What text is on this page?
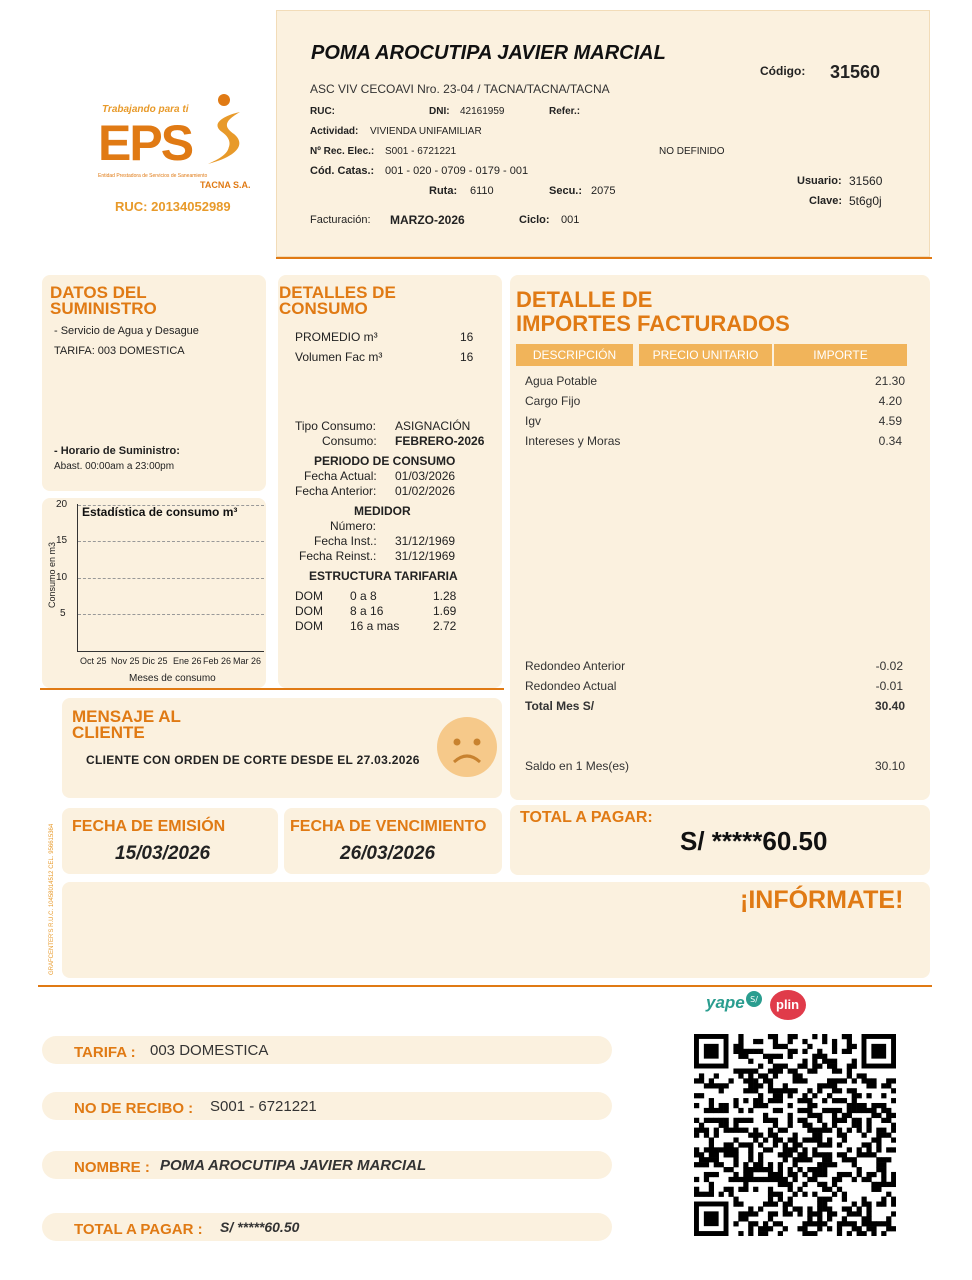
Trabajando para ti
EPS
Entidad Prestadora de Servicios de Saneamiento
TACNA S.A.
RUC: 20134052989
GRAFCENTER'S R.U.C. 10458014512 CEL. 956615364
POMA AROCUTIPA JAVIER MARCIAL
ASC VIV CECOAVI Nro. 23-04 / TACNA/TACNA/TACNA
RUC:	DNI: 42161959	Refer.:
Actividad: VIVIENDA UNIFAMILIAR
Nº Rec. Elec.: S001 - 6721221	NO DEFINIDO
Cód. Catas.: 001 - 020 - 0709 - 0179 - 001
Ruta: 6110	Secu.: 2075
Facturación: MARZO-2026	Ciclo: 001
Código: 31560
Usuario: 31560
Clave: 5t6g0j
DATOS DEL
SUMINISTRO
- Servicio de Agua y Desague
TARIFA: 003 DOMESTICA
- Horario de Suministro:
Abast. 00:00am a 23:00pm
Estadística de consumo m³
Consumo en m3
Meses de consumo
20
15
10
5
Oct 25 Nov 25 Dic 25 Ene 26 Feb 26 Mar 26
DETALLES DE
CONSUMO
PROMEDIO m³	16
Volumen Fac m³	16
Tipo Consumo: ASIGNACIÓN
Consumo: FEBRERO-2026
PERIODO DE CONSUMO
Fecha Actual: 01/03/2026
Fecha Anterior: 01/02/2026
MEDIDOR
Número:
Fecha Inst.: 31/12/1969
Fecha Reinst.: 31/12/1969
ESTRUCTURA TARIFARIA
DOM 0 a 8	1.28
DOM 8 a 16	1.69
DOM 16 a mas	2.72
DETALLE DE
IMPORTES FACTURADOS
DESCRIPCIÓN	PRECIO UNITARIO	IMPORTE
Agua Potable	21.30
Cargo Fijo	4.20
Igv	4.59
Intereses y Moras	0.34
Redondeo Anterior	-0.02
Redondeo Actual	-0.01
Total Mes S/	30.40
Saldo en 1 Mes(es)	30.10
MENSAJE AL
CLIENTE
CLIENTE CON ORDEN DE CORTE DESDE EL 27.03.2026
FECHA DE EMISIÓN
15/03/2026
FECHA DE VENCIMIENTO
26/03/2026
TOTAL A PAGAR:
S/ *****60.50
¡INFÓRMATE!
TARIFA : 003 DOMESTICA
NO DE RECIBO : S001 - 6721221
NOMBRE : POMA AROCUTIPA JAVIER MARCIAL
TOTAL A PAGAR : S/ *****60.50
yape S/ plin
